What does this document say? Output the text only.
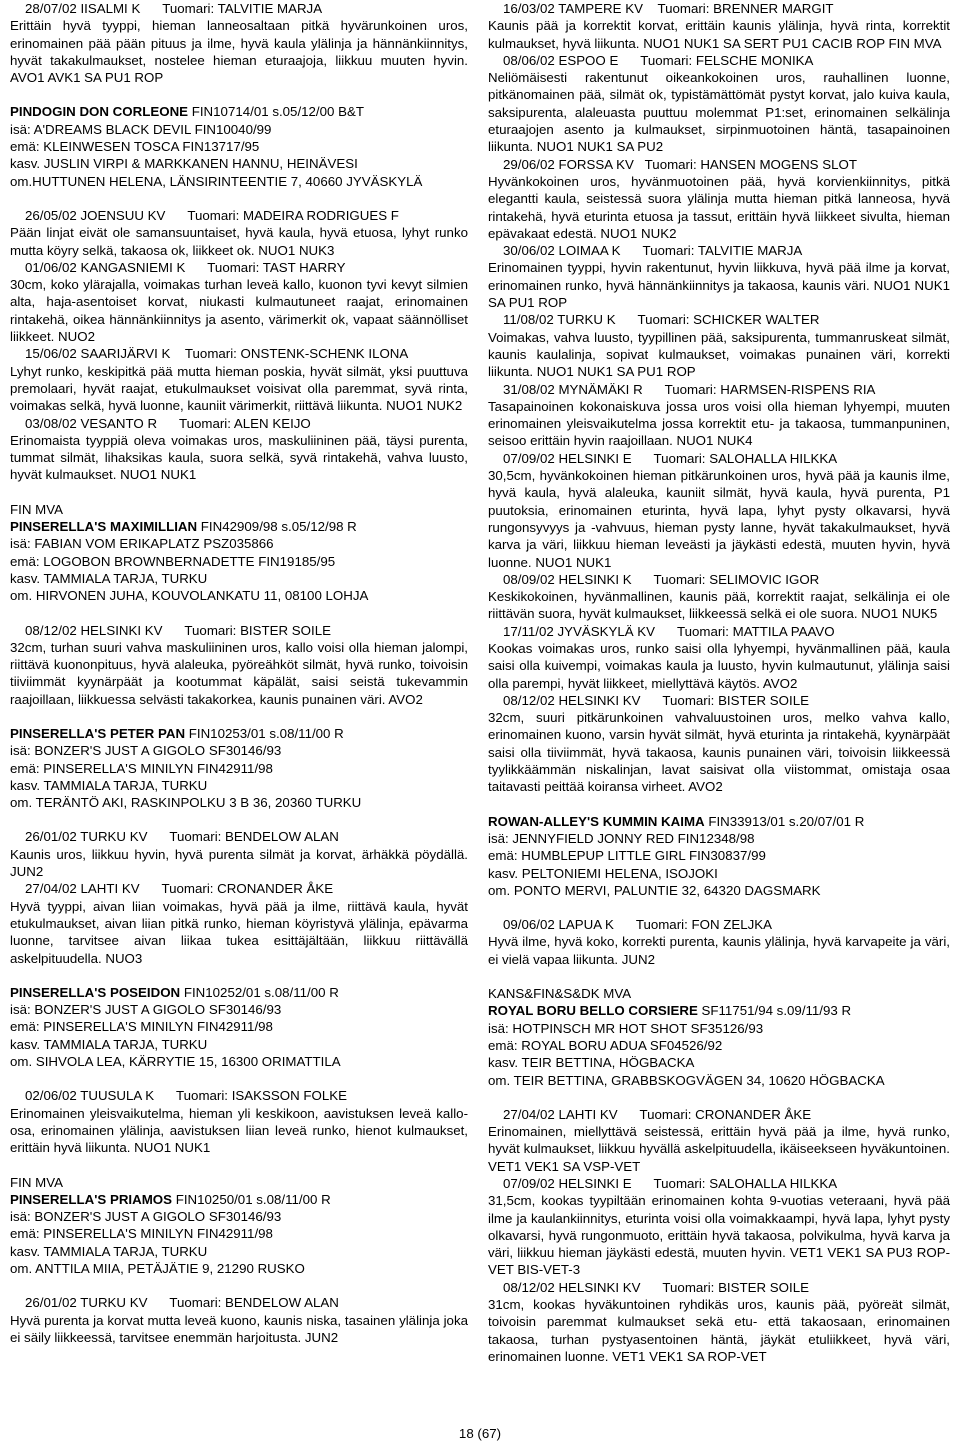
28/07/02 IISALMI K      Tuomari: TALVITIE MARJA

Erittäin hyvä tyyppi, hieman lanneosaltaan pitkä hyvärunkoinen uros, erinomainen pää pään pituus ja ilme, hyvä kaula ylälinja ja hännänkiinnitys, hyvät takakulmaukset, nostelee hieman eturaajoja, liikkuu muuten hyvin. AVO1 AVK1 SA PU1 ROP

PINDOGIN DON CORLEONE FIN10714/01 s.05/12/00 B&T
isä: A'DREAMS BLACK DEVIL FIN10040/99
emä: KLEINWESEN TOSCA FIN13717/95
kasv. JUSLIN VIRPI & MARKKANEN HANNU, HEINÄVESI
om.HUTTUNEN HELENA, LÄNSIRINTEENTIE 7, 40660 JYVÄSKYLÄ
26/05/02 JOENSUU KV      Tuomari: MADEIRA RODRIGUES F

Pään linjat eivät ole samansuuntaiset, hyvä kaula, hyvä etuosa, lyhyt runko mutta köyry selkä, takaosa ok, liikkeet ok. NUO1 NUK3

01/06/02 KANGASNIEMI K      Tuomari: TAST HARRY

30cm, koko yläraja​lla, voimakas turhan leveä kallo, kuonon tyvi kevyt silmien alta, haja-asentoiset korvat, niukasti kulmautuneet raajat, erinomainen rintakehä, oikea hännänkiinnitys ja asento, värimerkit ok, vapaat säännölliset liikkeet. NUO2

15/06/02 SAARIJÄRVI K    Tuomari: ONSTENK-SCHENK ILONA

Lyhyt runko, keskipitkä pää mutta hieman poskia, hyvät silmät, yksi puuttuva premolaari, hyvät raajat, etukulmaukset voisivat olla paremmat, syvä rinta, voimakas selkä, hyvä luonne, kauniit värimerkit, riittävä liikunta. NUO1 NUK2

03/08/02 VESANTO R      Tuomari: ALEN KEIJO

Erinomaista tyyppiä oleva voimakas uros, maskuliininen pää, täysi purenta, tummat silmät, lihaksikas kaula, suora selkä, syvä rintakehä, vahva luusto, hyvät kulmaukset. NUO1 NUK1

FIN MVA
PINSERELLA'S MAXIMILLIAN FIN42909/98 s.05/12/98 R
isä: FABIAN VOM ERIKAPLATZ PSZ035866
emä: LOGOBON BROWNBERNADETTE FIN19185/95
kasv. TAMMIALA TARJA, TURKU
om. HIRVONEN JUHA, KOUVOLANKATU 11, 08100 LOHJA
08/12/02 HELSINKI KV      Tuomari: BISTER SOILE

32cm, turhan suuri vahva maskuliininen uros, kallo voisi olla hieman jalompi, riittävä kuononpituus, hyvä alaleuka, pyöreähköt silmät, hyvä runko, toivoisin tiiviimmät kyynärpäät ja kootummat käpälät, saisi seistä tukevammin raajoillaan, liikkuessa selvästi takakorkea, kaunis punainen väri. AVO2

PINSERELLA'S PETER PAN FIN10253/01 s.08/11/00 R
isä: BONZER'S JUST A GIGOLO SF30146/93
emä: PINSERELLA'S MINILYN FIN42911/98
kasv. TAMMIALA TARJA, TURKU
om. TERÄNTÖ AKI, RASKINPOLKU 3 B 36, 20360 TURKU
26/01/02 TURKU KV      Tuomari: BENDELOW ALAN

Kaunis uros, liikkuu hyvin, hyvä purenta silmät ja korvat, ärhäkkä pöydällä. JUN2

27/04/02 LAHTI KV      Tuomari: CRONANDER ÅKE

Hyvä tyyppi, aivan liian voimakas, hyvä pää ja ilme, riittävä kaula, hyvät etukulmaukset, aivan liian pitkä runko, hieman köyristyvä ylälinja, epävarma luonne, tarvitsee aivan liikaa tukea esittäjältään, liikkuu riittävällä askelpituudella. NUO3

PINSERELLA'S POSEIDON FIN10252/01 s.08/11/00 R
isä: BONZER'S JUST A GIGOLO SF30146/93
emä: PINSERELLA'S MINILYN FIN42911/98
kasv. TAMMIALA TARJA, TURKU
om. SIHVOLA LEA, KÄRRYTIE 15, 16300 ORIMATTILA
02/06/02 TUUSULA K      Tuomari: ISAKSSON FOLKE

Erinomainen yleisvaikutelma, hieman yli keskikoon, aavistuksen leveä kallo-osa, erinomainen ylälinja, aavistuksen liian leveä runko, hienot kulmaukset, erittäin hyvä liikunta. NUO1 NUK1

FIN MVA
PINSERELLA'S PRIAMOS FIN10250/01 s.08/11/00 R
isä: BONZER'S JUST A GIGOLO SF30146/93
emä: PINSERELLA'S MINILYN FIN42911/98
kasv. TAMMIALA TARJA, TURKU
om. ANTTILA MIIA, PETÄJÄTIE 9, 21290 RUSKO
26/01/02 TURKU KV      Tuomari: BENDELOW ALAN

Hyvä purenta ja korvat mutta leveä kuono, kaunis niska, tasainen ylälinja joka ei säily liikkeessä, tarvitsee enemmän harjoitusta. JUN2

16/03/02 TAMPERE KV    Tuomari: BRENNER MARGIT

Kaunis pää ja korrektit korvat, erittäin kaunis ylälinja, hyvä rinta, korrektit kulmaukset, hyvä liikunta. NUO1 NUK1 SA SERT PU1 CACIB ROP FIN MVA

08/06/02 ESPOO E      Tuomari: FELSCHE MONIKA

Neliömäisesti rakentunut oikeankokoinen uros, rauhallinen luonne, pitkänomainen pää, silmät ok, typistämättömät pystyt korvat, jalo kuiva kaula, saksipurenta, alaleuasta puuttuu molemmat P1:set, erinomainen selkälinja eturaajojen asento ja kulmaukset, sirpinmuotoinen häntä, tasapainoinen liikunta. NUO1 NUK1 SA PU2

29/06/02 FORSSA KV   Tuomari: HANSEN MOGENS SLOT

Hyvänkokoinen uros, hyvänmuotoinen pää, hyvä korvienkiinnitys, pitkä elegantti kaula, seistessä suora ylälinja mutta hieman pitkä lanneosa, hyvä rintakehä, hyvä eturinta etuosa ja tassut, erittäin hyvä liikkeet sivulta, hieman epävakaat edestä. NUO1 NUK2

30/06/02 LOIMAA K      Tuomari: TALVITIE MARJA

Erinomainen tyyppi, hyvin rakentunut, hyvin liikkuva, hyvä pää ilme ja korvat, erinomainen runko, hyvä hännänkiinnitys ja takaosa, kaunis väri. NUO1 NUK1 SA PU1 ROP

11/08/02 TURKU K      Tuomari: SCHICKER WALTER

Voimakas, vahva luusto, tyypillinen pää, saksipurenta, tummanruskeat silmät, kaunis kaulalinja, sopivat kulmaukset, voimakas punainen väri, korrekti liikunta. NUO1 NUK1 SA PU1 ROP

31/08/02 MYNÄMÄKI R      Tuomari: HARMSEN-RISPENS RIA

Tasapainoinen kokonaiskuva jossa uros voisi olla hieman lyhyempi, muuten erinomainen yleisvaikutelma jossa korrektit etu- ja takaosa, tummanpuninen, seisoo erittäin hyvin raajoillaan. NUO1 NUK4

07/09/02 HELSINKI E      Tuomari: SALOHALLA HILKKA

30,5cm, hyvänkokoinen hieman pitkärunkoinen uros, hyvä pää ja kaunis ilme, hyvä kaula, hyvä alaleuka, kauniit silmät, hyvä kaula, hyvä purenta, P1 puutoksia, erinomainen eturinta, hyvä lapa, lyhyt pysty olkavarsi, hyvä rungonsyvyys ja -vahvuus, hieman pysty lanne, hyvät takakulmaukset, hyvä karva ja väri, liikkuu hieman leveästi ja jäykästi edestä, muuten hyvin, hyvä luonne. NUO1 NUK1

08/09/02 HELSINKI K      Tuomari: SELIMOVIC IGOR

Keskikokoinen, hyvänmallinen, kaunis pää, korrektit raajat, selkälinja ei ole riittävän suora, hyvät kulmaukset, liikkeessä selkä ei ole suora. NUO1 NUK5

17/11/02 JYVÄSKYLÄ KV      Tuomari: MATTILA PAAVO

Kookas voimakas uros, runko saisi olla lyhyempi, hyvänmallinen pää, kaula saisi olla kuivempi, voimakas kaula ja luusto, hyvin kulmautunut, ylälinja saisi olla parempi, hyvät liikkeet, miellyttävä käytös. AVO2

08/12/02 HELSINKI KV      Tuomari: BISTER SOILE

32cm, suuri pitkärunkoinen vahvaluustoinen uros, melko vahva kallo, erinomainen kuono, varsin hyvät silmät, hyvä eturinta ja rintakehä, kyynärpäät saisi olla tiiviimmät, hyvä takaosa, kaunis punainen väri, toivoisin liikkeessä tyylikkäämmän niskalinjan, lavat saisivat olla viistommat, omistaja osaa taitavasti peittää koiransa virheet. AVO2

ROWAN-ALLEY'S KUMMIN KAIMA FIN33913/01 s.20/07/01 R
isä: JENNYFIELD JONNY RED FIN12348/98
emä: HUMBLEPUP LITTLE GIRL FIN30837/99
kasv. PELTONIEMI HELENA, ISOJOKI
om. PONTO MERVI, PALUNTIE 32, 64320 DAGSMARK
09/06/02 LAPUA K      Tuomari: FON ZELJKA

Hyvä ilme, hyvä koko, korrekti purenta, kaunis ylälinja, hyvä karvapeite ja väri, ei vielä vapaa liikunta. JUN2

KANS&FIN&S&DK MVA
ROYAL BORU BELLO CORSIERE SF11751/94 s.09/11/93 R
isä: HOTPINSCH MR HOT SHOT SF35126/93
emä: ROYAL BORU ADUA SF04526/92
kasv. TEIR BETTINA, HÖGBACKA
om. TEIR BETTINA, GRABBSKOGVÄGEN 34, 10620 HÖGBACKA
27/04/02 LAHTI KV      Tuomari: CRONANDER ÅKE

Erinomainen, miellyttävä seistessä, erittäin hyvä pää ja ilme, hyvä runko, hyvät kulmaukset, liikkuu hyvällä askelpituudella, ikäiseekseen hyväkuntoinen. VET1 VEK1 SA VSP-VET

07/09/02 HELSINKI E      Tuomari: SALOHALLA HILKKA

31,5cm, kookas tyypiltään erinomainen kohta 9-vuotias veteraani, hyvä pää ilme ja kaulankiinnitys, eturinta voisi olla voimakkaampi, hyvä lapa, lyhyt pysty olkavarsi, hyvä rungonmuoto, erittäin hyvä takaosa, polvikulma, hyvä karva ja väri, liikkuu hieman jäykästi edestä, muuten hyvin. VET1 VEK1 SA PU3 ROP-VET BIS-VET-3

08/12/02 HELSINKI KV      Tuomari: BISTER SOILE

31cm, kookas hyväkuntoinen ryhdikäs uros, kaunis pää, pyöreät silmät, toivoisin paremmat kulmaukset sekä etu- että takaosaan, erinomainen takaosa, turhan pystyasentoinen häntä, jäykät etuliikkeet, hyvä väri, erinomainen luonne. VET1 VEK1 SA ROP-VET

18 (67)
